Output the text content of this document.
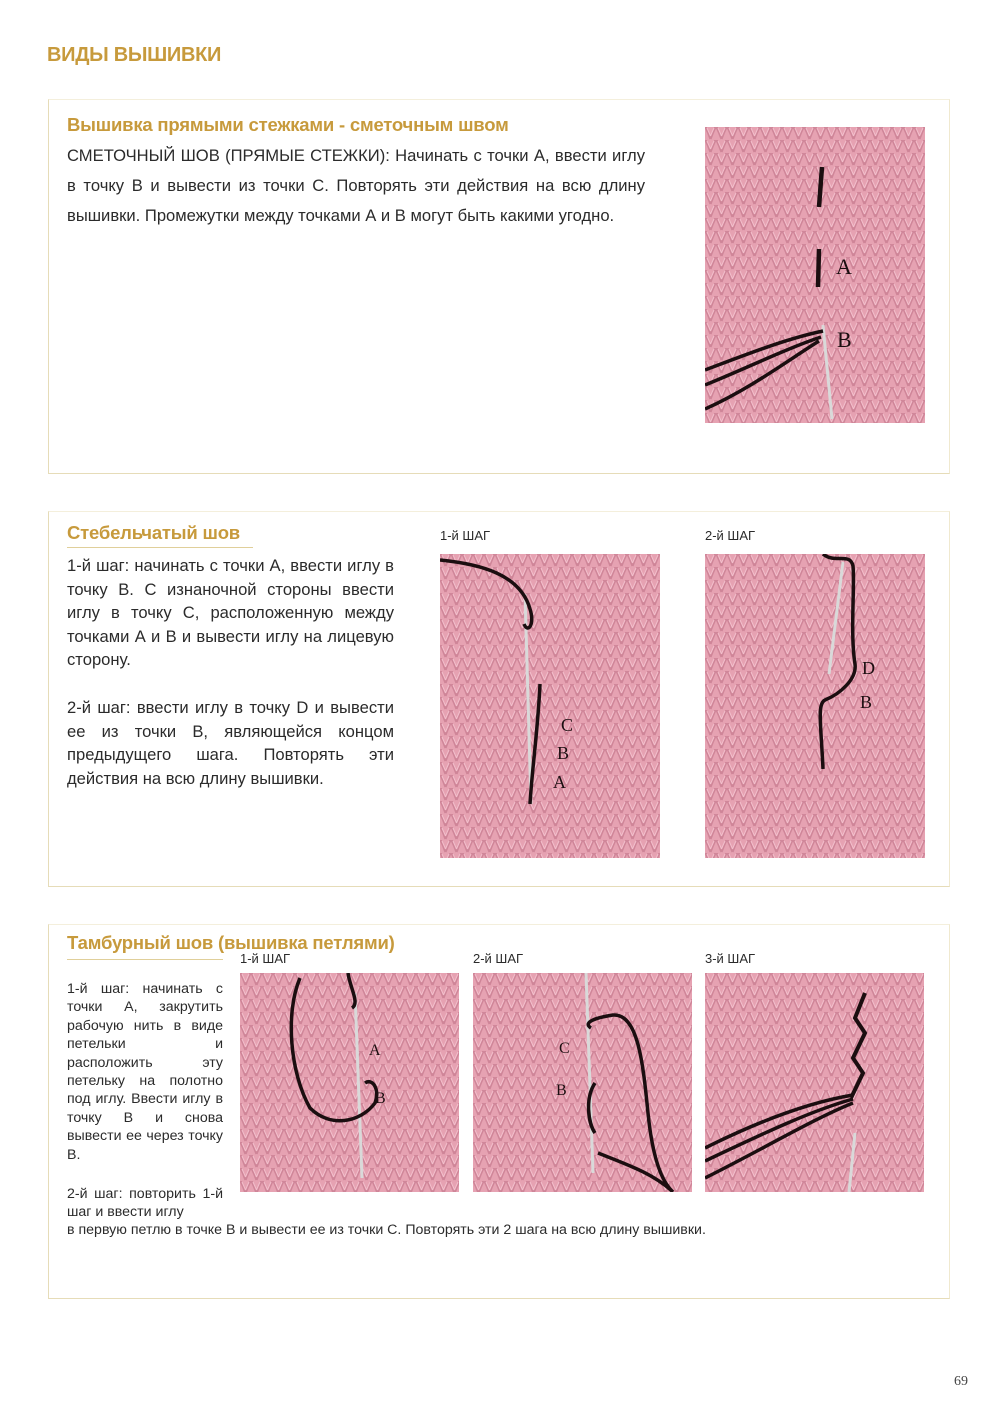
ВИДЫ ВЫШИВКИ
Вышивка прямыми стежками - сметочным швом
СМЕТОЧНЫЙ ШОВ (ПРЯМЫЕ СТЕЖКИ): Начинать с точки А, ввести иглу в точку В и вывести из точки С. Повторять эти действия на всю длину вышивки. Промежутки между точками А и В могут быть какими угодно.
A
B
Стебельчатый шов
1-й шаг: начинать с точки А, ввести иглу в точку В. С изнаночной стороны ввести иглу в точку С, расположенную между точками А и В и вывести иглу на лицевую сторону.
2-й шаг: ввести иглу в точку D и вывести ее из точки В, являющейся концом предыдущего шага. Повторять эти действия на всю длину вышивки.
1-й ШАГ	2-й ШАГ
C
B
A
D
B
Тамбурный шов (вышивка петлями)
1-й шаг: начинать с точки А, закрутить рабочую нить в виде петельки и расположить эту петельку на полотно под иглу. Ввести иглу в точку В и снова вывести ее через точку В.
2-й шаг: повторить 1-й шаг и ввести иглу
в первую петлю в точке В и вывести ее из точки С. Повторять эти 2 шага на всю длину вышивки.
1-й ШАГ	2-й ШАГ	3-й ШАГ
A
B
C
B
69
